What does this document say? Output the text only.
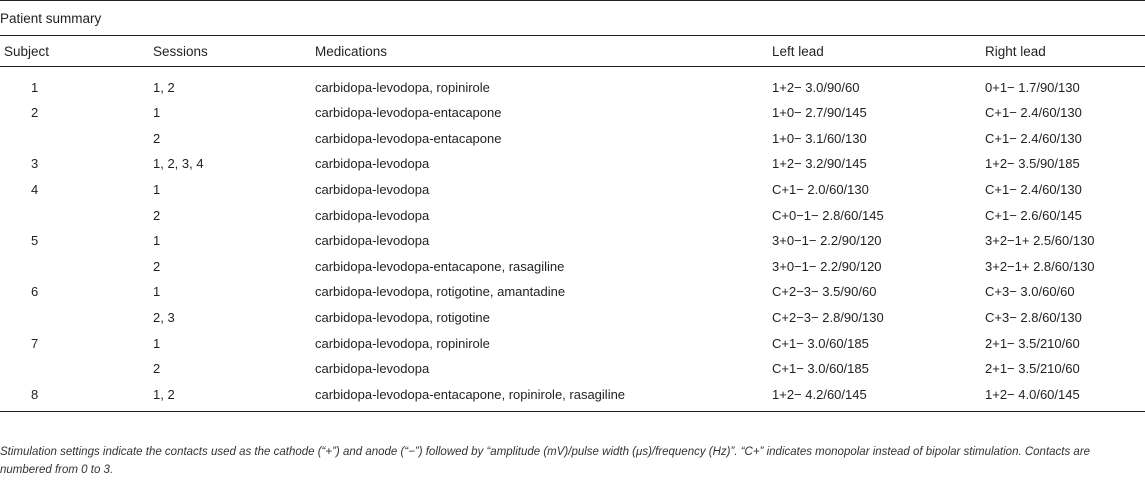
Patient summary				

Subject	Sessions	Medications	Left lead	Right lead
1	1, 2	carbidopa-levodopa, ropinirole	1+2− 3.0/90/60	0+1− 1.7/90/130
2	1	carbidopa-levodopa-entacapone	1+0− 2.7/90/145	C+1− 2.4/60/130
	2	carbidopa-levodopa-entacapone	1+0− 3.1/60/130	C+1− 2.4/60/130
3	1, 2, 3, 4	carbidopa-levodopa	1+2− 3.2/90/145	1+2− 3.5/90/185
4	1	carbidopa-levodopa	C+1− 2.0/60/130	C+1− 2.4/60/130
	2	carbidopa-levodopa	C+0−1− 2.8/60/145	C+1− 2.6/60/145
5	1	carbidopa-levodopa	3+0−1− 2.2/90/120	3+2−1+ 2.5/60/130
	2	carbidopa-levodopa-entacapone, rasagiline	3+0−1− 2.2/90/120	3+2−1+ 2.8/60/130
6	1	carbidopa-levodopa, rotigotine, amantadine	C+2−3− 3.5/90/60	C+3− 3.0/60/60
	2, 3	carbidopa-levodopa, rotigotine	C+2−3− 2.8/90/130	C+3− 2.8/60/130
7	1	carbidopa-levodopa, ropinirole	C+1− 3.0/60/185	2+1− 3.5/210/60
	2	carbidopa-levodopa	C+1− 3.0/60/185	2+1− 3.5/210/60
8	1, 2	carbidopa-levodopa-entacapone, ropinirole, rasagiline	1+2− 4.2/60/145	1+2− 4.0/60/145
Stimulation settings indicate the contacts used as the cathode (“+”) and anode (“−”) followed by “amplitude (mV)/pulse width (μs)/frequency (Hz)”. “C+” indicates monopolar instead of bipolar stimulation. Contacts are numbered from 0 to 3.
